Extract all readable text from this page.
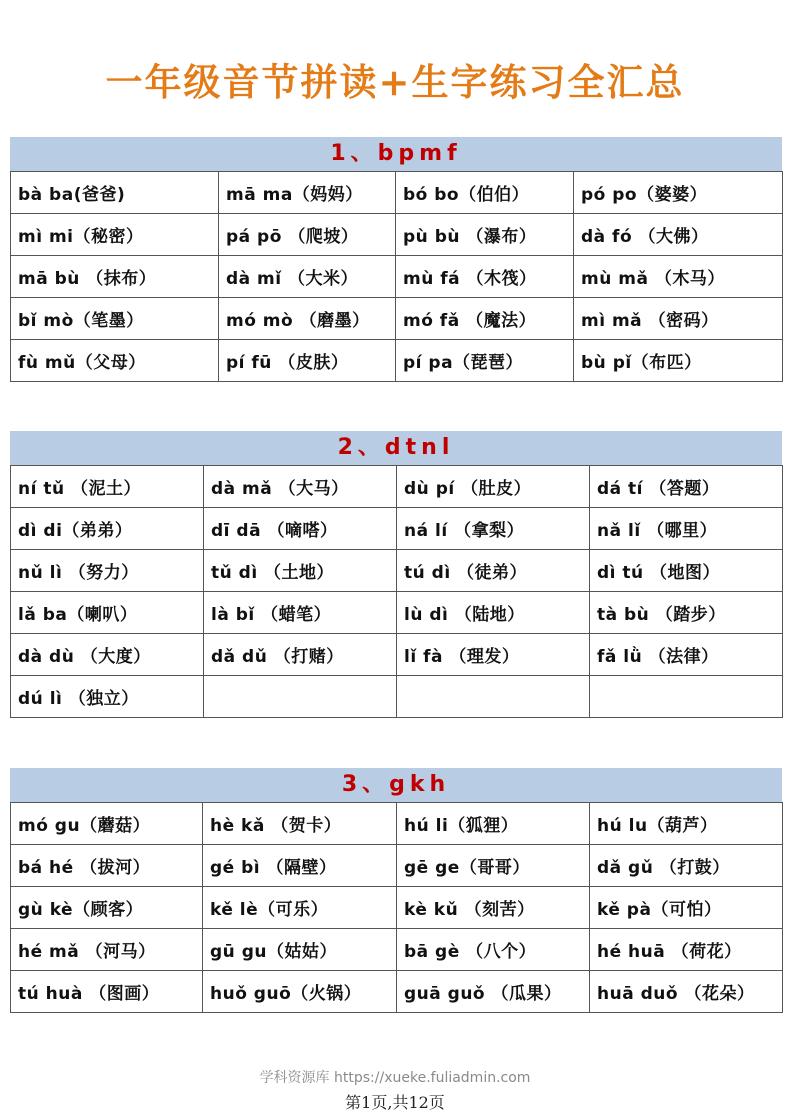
一年级音节拼读+生字练习全汇总
1、bpmf
bà ba(爸爸)	mā ma（妈妈）	bó bo（伯伯）	pó po（婆婆）
mì mi（秘密）	pá pō （爬坡）	pù bù （瀑布）	dà fó （大佛）
mā bù （抹布）	dà mǐ （大米）	mù fá （木筏）	mù mǎ （木马）
bǐ mò（笔墨）	mó mò （磨墨）	mó fǎ （魔法）	mì mǎ （密码）
fù mǔ（父母）	pí fū （皮肤）	pí pa（琵琶）	bù pǐ（布匹）
2、dtnl
ní tǔ （泥土）	dà mǎ （大马）	dù pí （肚皮）	dá tí （答题）
dì di（弟弟）	dī dā （嘀嗒）	ná lí （拿梨）	nǎ lǐ （哪里）
nǔ lì （努力）	tǔ dì （土地）	tú dì （徒弟）	dì tú （地图）
lǎ ba（喇叭）	là bǐ （蜡笔）	lù dì （陆地）	tà bù （踏步）
dà dù （大度）	dǎ dǔ （打赌）	lǐ fà （理发）	fǎ lǜ （法律）
dú lì （独立）			
3、gkh
mó gu（蘑菇）	hè kǎ （贺卡）	hú li（狐狸）	hú lu（葫芦）
bá hé （拔河）	gé bì （隔壁）	gē ge（哥哥）	dǎ gǔ （打鼓）
gù kè（顾客）	kě lè（可乐）	kè kǔ （刻苦）	kě pà（可怕）
hé mǎ （河马）	gū gu（姑姑）	bā gè （八个）	hé huā （荷花）
tú huà （图画）	huǒ guō（火锅）	guā guǒ （瓜果）	huā duǒ （花朵）
学科资源库 https://xueke.fuliadmin.com
第1页,共12页
